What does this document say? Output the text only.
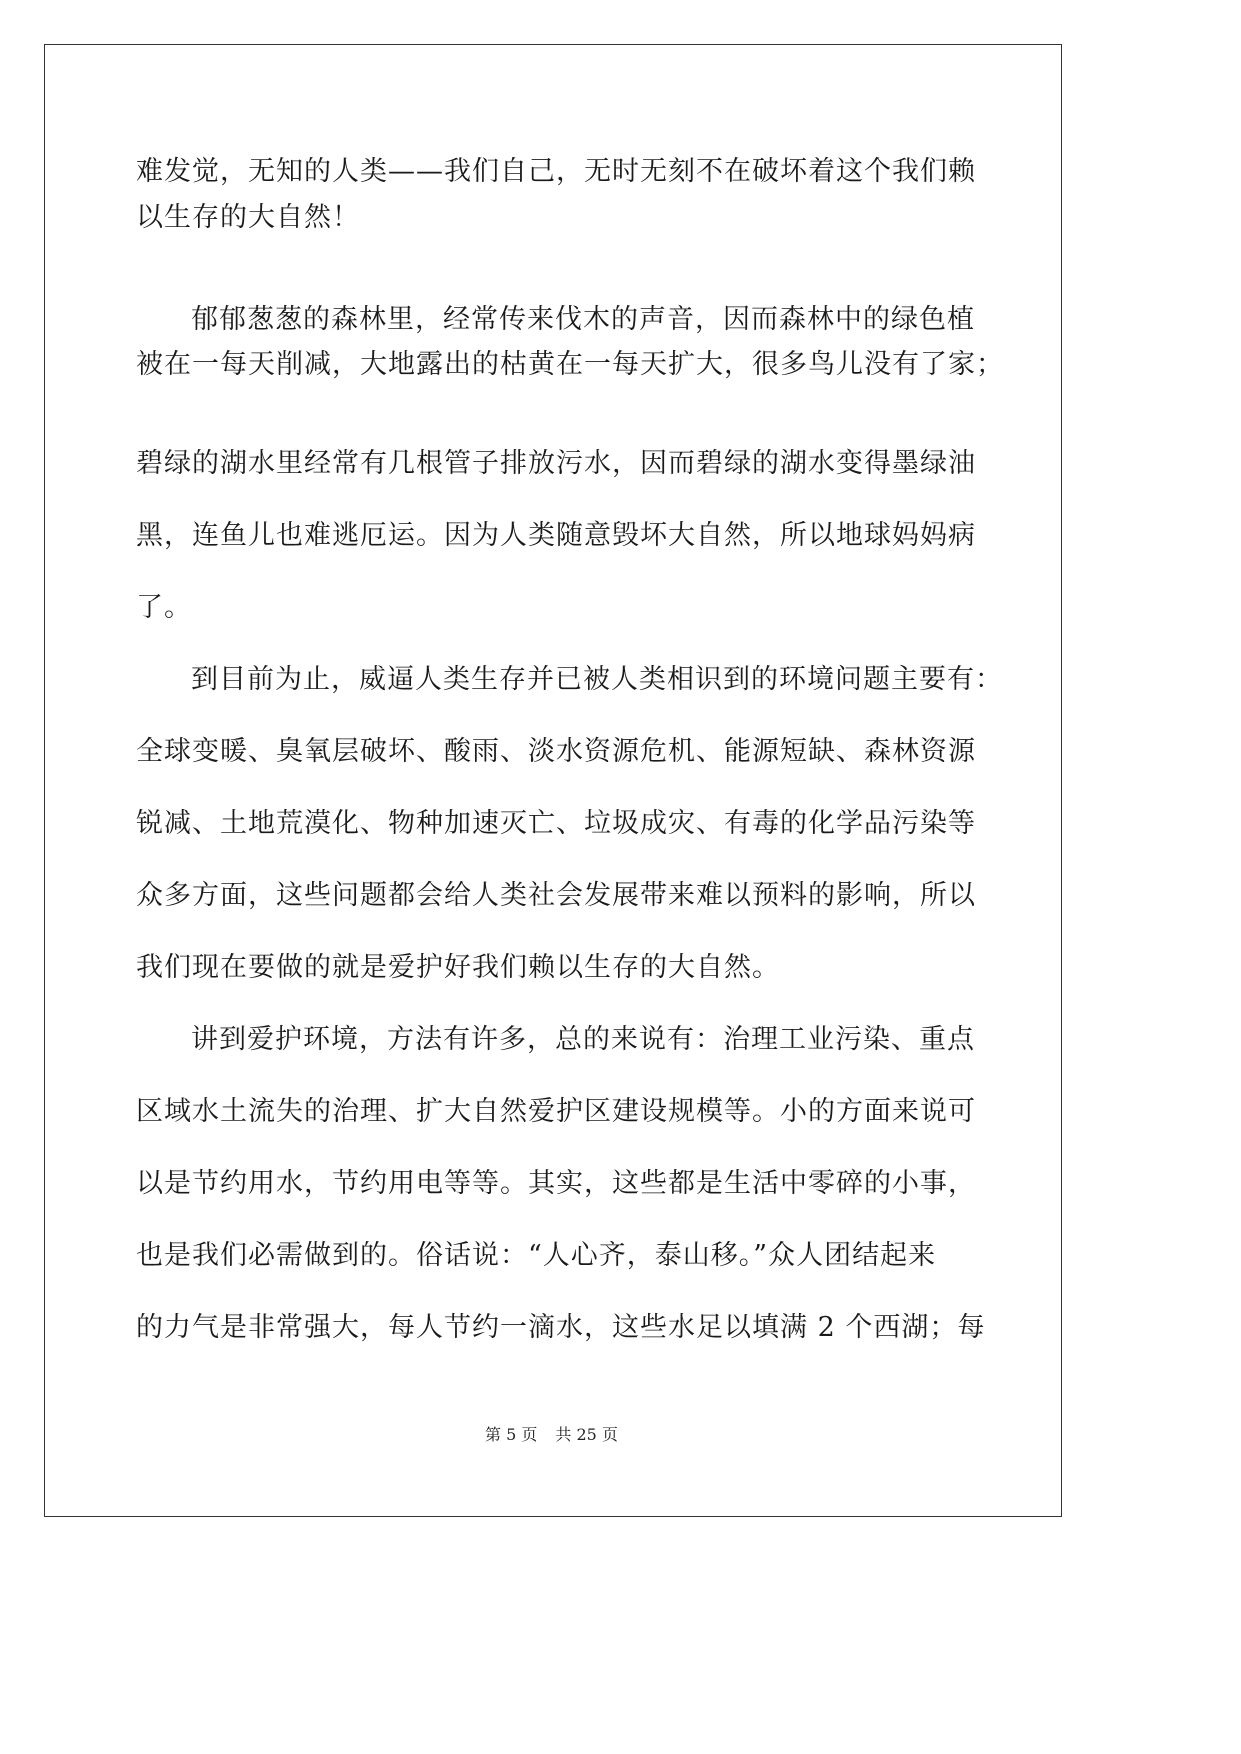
难发觉，无知的人类——我们自己，无时无刻不在破坏着这个我们赖
以生存的大自然！
郁郁葱葱的森林里，经常传来伐木的声音，因而森林中的绿色植
被在一每天削减，大地露出的枯黄在一每天扩大，很多鸟儿没有了家；
碧绿的湖水里经常有几根管子排放污水，因而碧绿的湖水变得墨绿油
黑，连鱼儿也难逃厄运。因为人类随意毁坏大自然，所以地球妈妈病
了。
到目前为止，威逼人类生存并已被人类相识到的环境问题主要有：
全球变暖、臭氧层破坏、酸雨、淡水资源危机、能源短缺、森林资源
锐减、土地荒漠化、物种加速灭亡、垃圾成灾、有毒的化学品污染等
众多方面，这些问题都会给人类社会发展带来难以预料的影响，所以
我们现在要做的就是爱护好我们赖以生存的大自然。
讲到爱护环境，方法有许多，总的来说有：治理工业污染、重点
区域水土流失的治理、扩大自然爱护区建设规模等。小的方面来说可
以是节约用水，节约用电等等。其实，这些都是生活中零碎的小事，
也是我们必需做到的。俗话说：“人心齐，泰山移。”众人团结起来
的力气是非常强大，每人节约一滴水，这些水足以填满 2 个西湖；每
第 5 页 共 25 页
